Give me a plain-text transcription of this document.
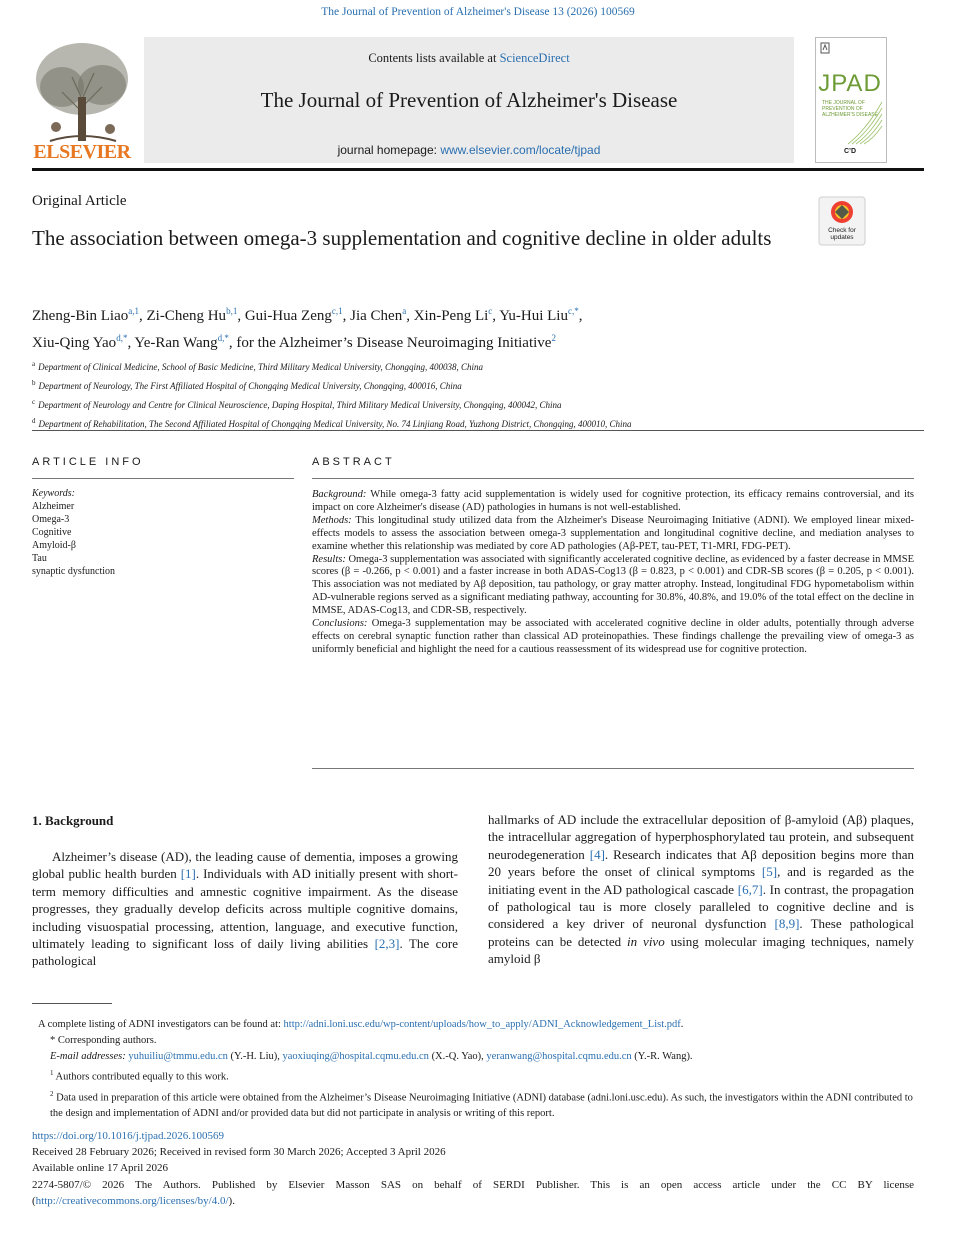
The Journal of Prevention of Alzheimer's Disease 13 (2026) 100569
ELSEVIER
Contents lists available at ScienceDirect
The Journal of Prevention of Alzheimer's Disease
journal homepage: www.elsevier.com/locate/tjpad
JPAD
THE JOURNAL OF PREVENTION OF ALZHEIMER'S DISEASE
C’D
Original Article
The association between omega-3 supplementation and cognitive decline in older adults	Check for updates
Zheng-Bin Liao$^{a,1}$, Zi-Cheng Hu$^{b,1}$, Gui-Hua Zeng$^{c,1}$, Jia Chen$^a$, Xin-Peng Li$^c$, Yu-Hui Liu$^{c,*}$,
Xiu-Qing Yao$^{d,*}$, Ye-Ran Wang$^{d,*}$, for the Alzheimer’s Disease Neuroimaging Initiative$^2$
$^a$ Department of Clinical Medicine, School of Basic Medicine, Third Military Medical University, Chongqing, 400038, China
$^b$ Department of Neurology, The First Affiliated Hospital of Chongqing Medical University, Chongqing, 400016, China
$^c$ Department of Neurology and Centre for Clinical Neuroscience, Daping Hospital, Third Military Medical University, Chongqing, 400042, China
$^d$ Department of Rehabilitation, The Second Affiliated Hospital of Chongqing Medical University, No. 74 Linjiang Road, Yuzhong District, Chongqing, 400010, China
ARTICLE INFO	ABSTRACT
Keywords:
Alzheimer
Omega-3
Cognitive
Amyloid-β
Tau
synaptic dysfunction

Background: While omega-3 fatty acid supplementation is widely used for cognitive protection, its efficacy remains controversial, and its impact on core Alzheimer's disease (AD) pathologies in humans is not well-established.

Methods: This longitudinal study utilized data from the Alzheimer's Disease Neuroimaging Initiative (ADNI). We employed linear mixed-effects models to assess the association between omega-3 supplementation and longitudinal cognitive decline, and mediation analyses to examine whether this relationship was mediated by core AD pathologies (Aβ-PET, tau-PET, T1-MRI, FDG-PET).

Results: Omega-3 supplementation was associated with significantly accelerated cognitive decline, as evidenced by a faster decrease in MMSE scores (β = -0.266, p < 0.001) and a faster increase in both ADAS-Cog13 (β = 0.823, p < 0.001) and CDR-SB scores (β = 0.205, p < 0.001). This association was not mediated by Aβ deposition, tau pathology, or gray matter atrophy. Instead, longitudinal FDG hypometabolism within AD-vulnerable regions served as a significant mediating pathway, accounting for 30.8%, 40.8%, and 19.0% of the total effect on the decline in MMSE, ADAS-Cog13, and CDR-SB, respectively.

Conclusions: Omega-3 supplementation may be associated with accelerated cognitive decline in older adults, potentially through adverse effects on cerebral synaptic function rather than classical AD proteinopathies. These findings challenge the prevailing view of omega-3 as uniformly beneficial and highlight the need for a cautious reassessment of its widespread use for cognitive protection.

1. Background
Alzheimer’s disease (AD), the leading cause of dementia, imposes a growing global public health burden [1]. Individuals with AD initially present with short-term memory difficulties and amnestic cognitive impairment. As the disease progresses, they gradually develop deficits across multiple cognitive domains, including visuospatial processing, attention, language, and executive function, ultimately leading to significant loss of daily living abilities [2,3]. The core pathological
hallmarks of AD include the extracellular deposition of β-amyloid (Aβ) plaques, the intracellular aggregation of hyperphosphorylated tau protein, and subsequent neurodegeneration [4]. Research indicates that Aβ deposition begins more than 20 years before the onset of clinical symptoms [5], and is regarded as the initiating event in the AD pathological cascade [6,7]. In contrast, the propagation of pathological tau is more closely paralleled to cognitive decline and is considered a key driver of neuronal dysfunction [8,9]. These pathological proteins can be detected in vivo using molecular imaging techniques, namely amyloid β
A complete listing of ADNI investigators can be found at: http://adni.loni.usc.edu/wp-content/uploads/how_to_apply/ADNI_Acknowledgement_List.pdf.
* Corresponding authors.
E-mail addresses: yuhuiliu@tmmu.edu.cn (Y.-H. Liu), yaoxiuqing@hospital.cqmu.edu.cn (X.-Q. Yao), yeranwang@hospital.cqmu.edu.cn (Y.-R. Wang).
$^1$ Authors contributed equally to this work.
$^2$ Data used in preparation of this article were obtained from the Alzheimer’s Disease Neuroimaging Initiative (ADNI) database (adni.loni.usc.edu). As such, the investigators within the ADNI contributed to the design and implementation of ADNI and/or provided data but did not participate in analysis or writing of this report.
https://doi.org/10.1016/j.tjpad.2026.100569
Received 28 February 2026; Received in revised form 30 March 2026; Accepted 3 April 2026
Available online 17 April 2026
2274-5807/© 2026 The Authors. Published by Elsevier Masson SAS on behalf of SERDI Publisher. This is an open access article under the CC BY license (http://creativecommons.org/licenses/by/4.0/).
